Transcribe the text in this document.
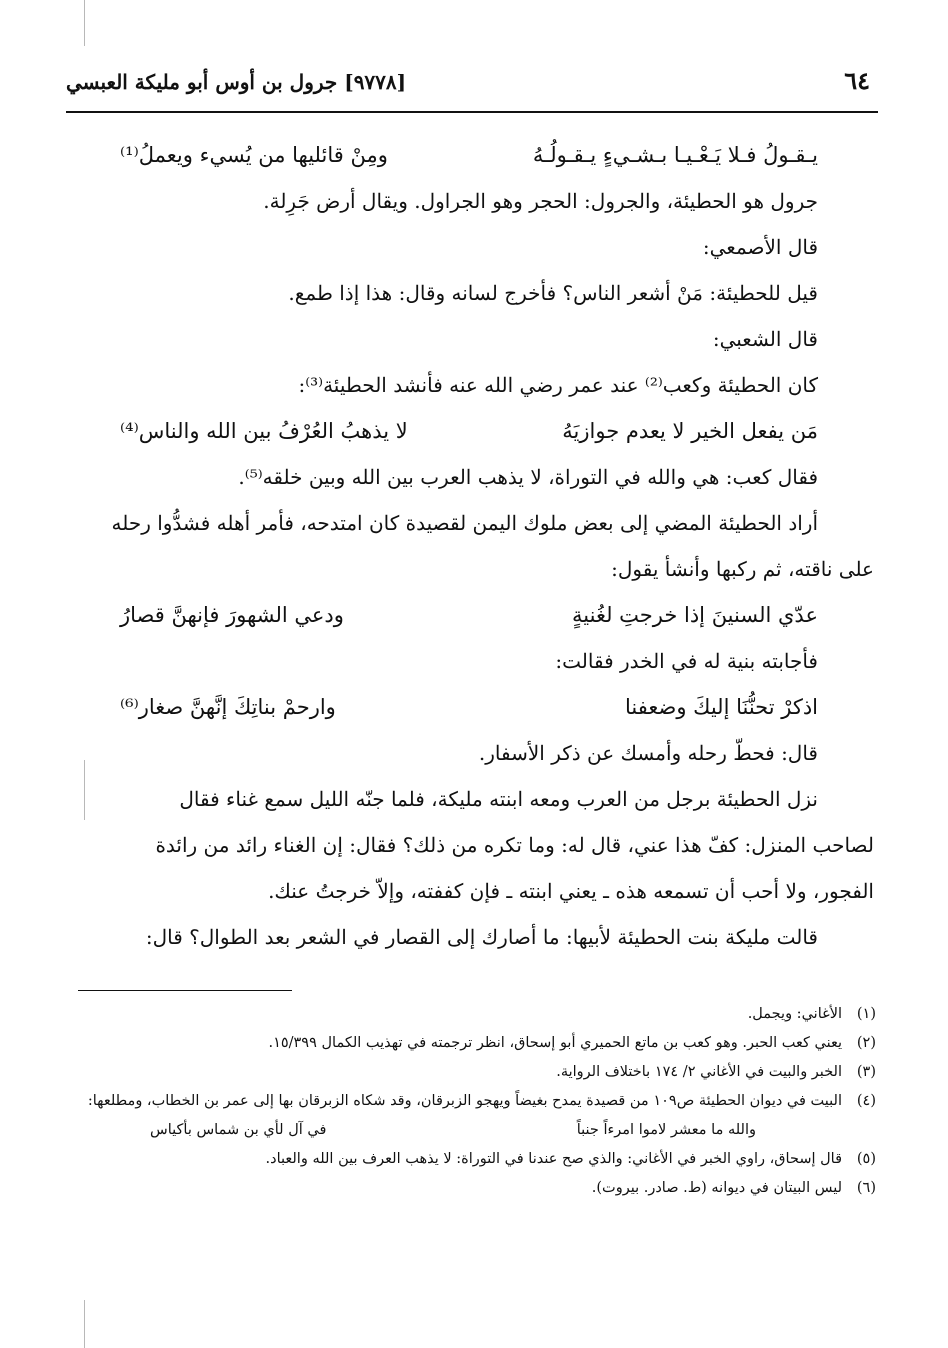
٦٤
[٩٧٧٨] جرول بن أوس أبو مليكة العبسي
يـقـولُ فـلا يَـعْـيـا بـشـيءٍ يـقـولُـهُ
ومِنْ قائليها من يُسيء ويعملُ⁽¹⁾
جرول هو الحطيئة، والجرول: الحجر وهو الجراول. ويقال أرض جَرِلة.
قال الأصمعي:
قيل للحطيئة: مَنْ أشعر الناس؟ فأخرج لسانه وقال: هذا إذا طمع.
قال الشعبي:
كان الحطيئة وكعب⁽²⁾ عند عمر رضي الله عنه فأنشد الحطيئة⁽³⁾:
مَن يفعل الخير لا يعدم جوازيَهُ
لا يذهبُ العُرْفُ بين الله والناس⁽⁴⁾
فقال كعب: هي والله في التوراة، لا يذهب العرب بين الله وبين خلقه⁽⁵⁾.
أراد الحطيئة المضي إلى بعض ملوك اليمن لقصيدة كان امتدحه، فأمر أهله فشدُّوا رحله
على ناقته، ثم ركبها وأنشأ يقول:
عدّي السنينَ إذا خرجتِ لغُنيةٍ
ودعي الشهورَ فإنهنَّ قصارُ
فأجابته بنية له في الخدر فقالت:
اذكرْ تحنُّنَا إليكَ وضعفنا
وارحمْ بناتِكَ إنَّهنَّ صغار⁽⁶⁾
قال: فحطّ رحله وأمسك عن ذكر الأسفار.
نزل الحطيئة برجل من العرب ومعه ابنته مليكة، فلما جنّه الليل سمع غناء فقال
لصاحب المنزل: كفّ هذا عني، قال له: وما تكره من ذلك؟ فقال: إن الغناء رائد من رائدة
الفجور، ولا أحب أن تسمعه هذه ـ يعني ابنته ـ فإن كففته، وإلاّ خرجتُ عنك.
قالت مليكة بنت الحطيئة لأبيها: ما أصارك إلى القصار في الشعر بعد الطوال؟ قال:
(١)
الأغاني: ويجمل.
(٢)
يعني كعب الحبر. وهو كعب بن ماتع الحميري أبو إسحاق، انظر ترجمته في تهذيب الكمال ١٥/٣٩٩.
(٣)
الخبر والبيت في الأغاني ٢/ ١٧٤ باختلاف الرواية.
(٤)
البيت في ديوان الحطيئة ص١٠٩ من قصيدة يمدح بغيضاً ويهجو الزبرقان، وقد شكاه الزبرقان بها إلى عمر بن الخطاب، ومطلعها:
والله ما معشر لاموا امرءاً جنباً
في آل لأي بن شماس بأكياس
(٥)
قال إسحاق، راوي الخبر في الأغاني: والذي صح عندنا في التوراة: لا يذهب العرف بين الله والعباد.
(٦)
ليس البيتان في ديوانه (ط. صادر. بيروت).
